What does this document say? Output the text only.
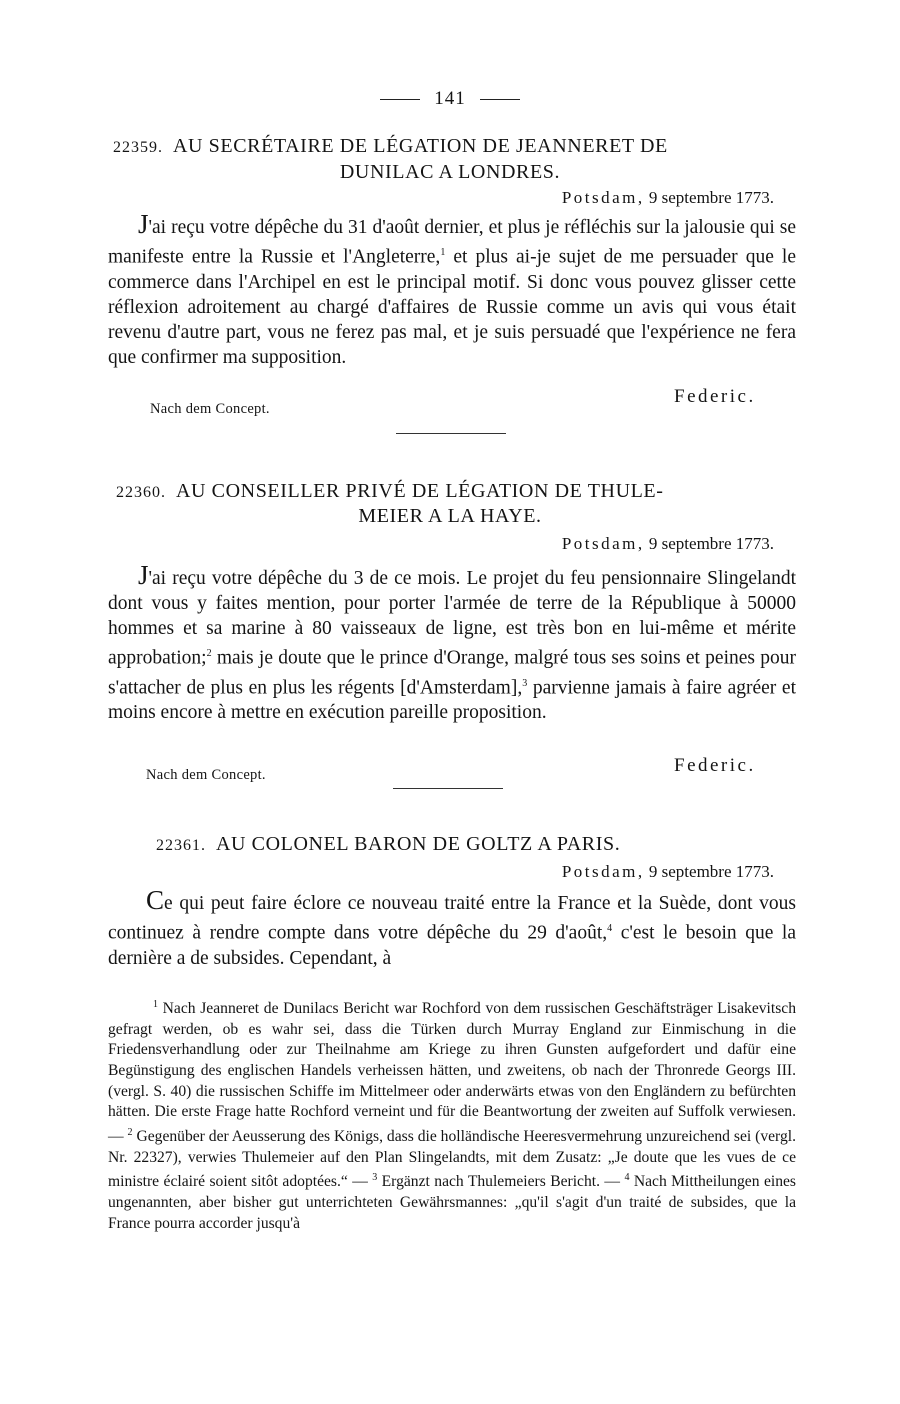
141
22359. AU SECRÉTAIRE DE LÉGATION DE JEANNERET DE
DUNILAC A LONDRES.
Potsdam, 9 septembre 1773.
J'ai reçu votre dépêche du 31 d'août dernier, et plus je réfléchis sur la jalousie qui se manifeste entre la Russie et l'Angleterre,$^1$ et plus ai-je sujet de me persuader que le commerce dans l'Archipel en est le principal motif. Si donc vous pouvez glisser cette réflexion adroitement au chargé d'affaires de Russie comme un avis qui vous était revenu d'autre part, vous ne ferez pas mal, et je suis persuadé que l'expérience ne fera que confirmer ma supposition.
Federic.
Nach dem Concept.
22360. AU CONSEILLER PRIVÉ DE LÉGATION DE THULE-
MEIER A LA HAYE.
Potsdam, 9 septembre 1773.
J'ai reçu votre dépêche du 3 de ce mois. Le projet du feu pensionnaire Slingelandt dont vous y faites mention, pour porter l'armée de terre de la République à 50000 hommes et sa marine à 80 vaisseaux de ligne, est très bon en lui-même et mérite approbation;$^2$ mais je doute que le prince d'Orange, malgré tous ses soins et peines pour s'attacher de plus en plus les régents [d'Amsterdam],$^3$ parvienne jamais à faire agréer et moins encore à mettre en exécution pareille proposition.
Federic.
Nach dem Concept.
22361. AU COLONEL BARON DE GOLTZ A PARIS.
Potsdam, 9 septembre 1773.
Ce qui peut faire éclore ce nouveau traité entre la France et la Suède, dont vous continuez à rendre compte dans votre dépêche du 29 d'août,$^4$ c'est le besoin que la dernière a de subsides. Cependant, à
$^1$ Nach Jeanneret de Dunilacs Bericht war Rochford von dem russischen Geschäftsträger Lisakevitsch gefragt werden, ob es wahr sei, dass die Türken durch Murray England zur Einmischung in die Friedensverhandlung oder zur Theilnahme am Kriege zu ihren Gunsten aufgefordert und dafür eine Begünstigung des englischen Handels verheissen hätten, und zweitens, ob nach der Thronrede Georgs III. (vergl. S. 40) die russischen Schiffe im Mittelmeer oder anderwärts etwas von den Engländern zu befürchten hätten. Die erste Frage hatte Rochford verneint und für die Beantwortung der zweiten auf Suffolk verwiesen. — $^2$ Gegenüber der Aeusserung des Königs, dass die holländische Heeresvermehrung unzureichend sei (vergl. Nr. 22327), verwies Thulemeier auf den Plan Slingelandts, mit dem Zusatz: „Je doute que les vues de ce ministre éclairé soient sitôt adoptées.“ — $^3$ Ergänzt nach Thulemeiers Bericht. — $^4$ Nach Mittheilungen eines ungenannten, aber bisher gut unterrichteten Gewährsmannes: „qu'il s'agit d'un traité de subsides, que la France pourra accorder jusqu'à
